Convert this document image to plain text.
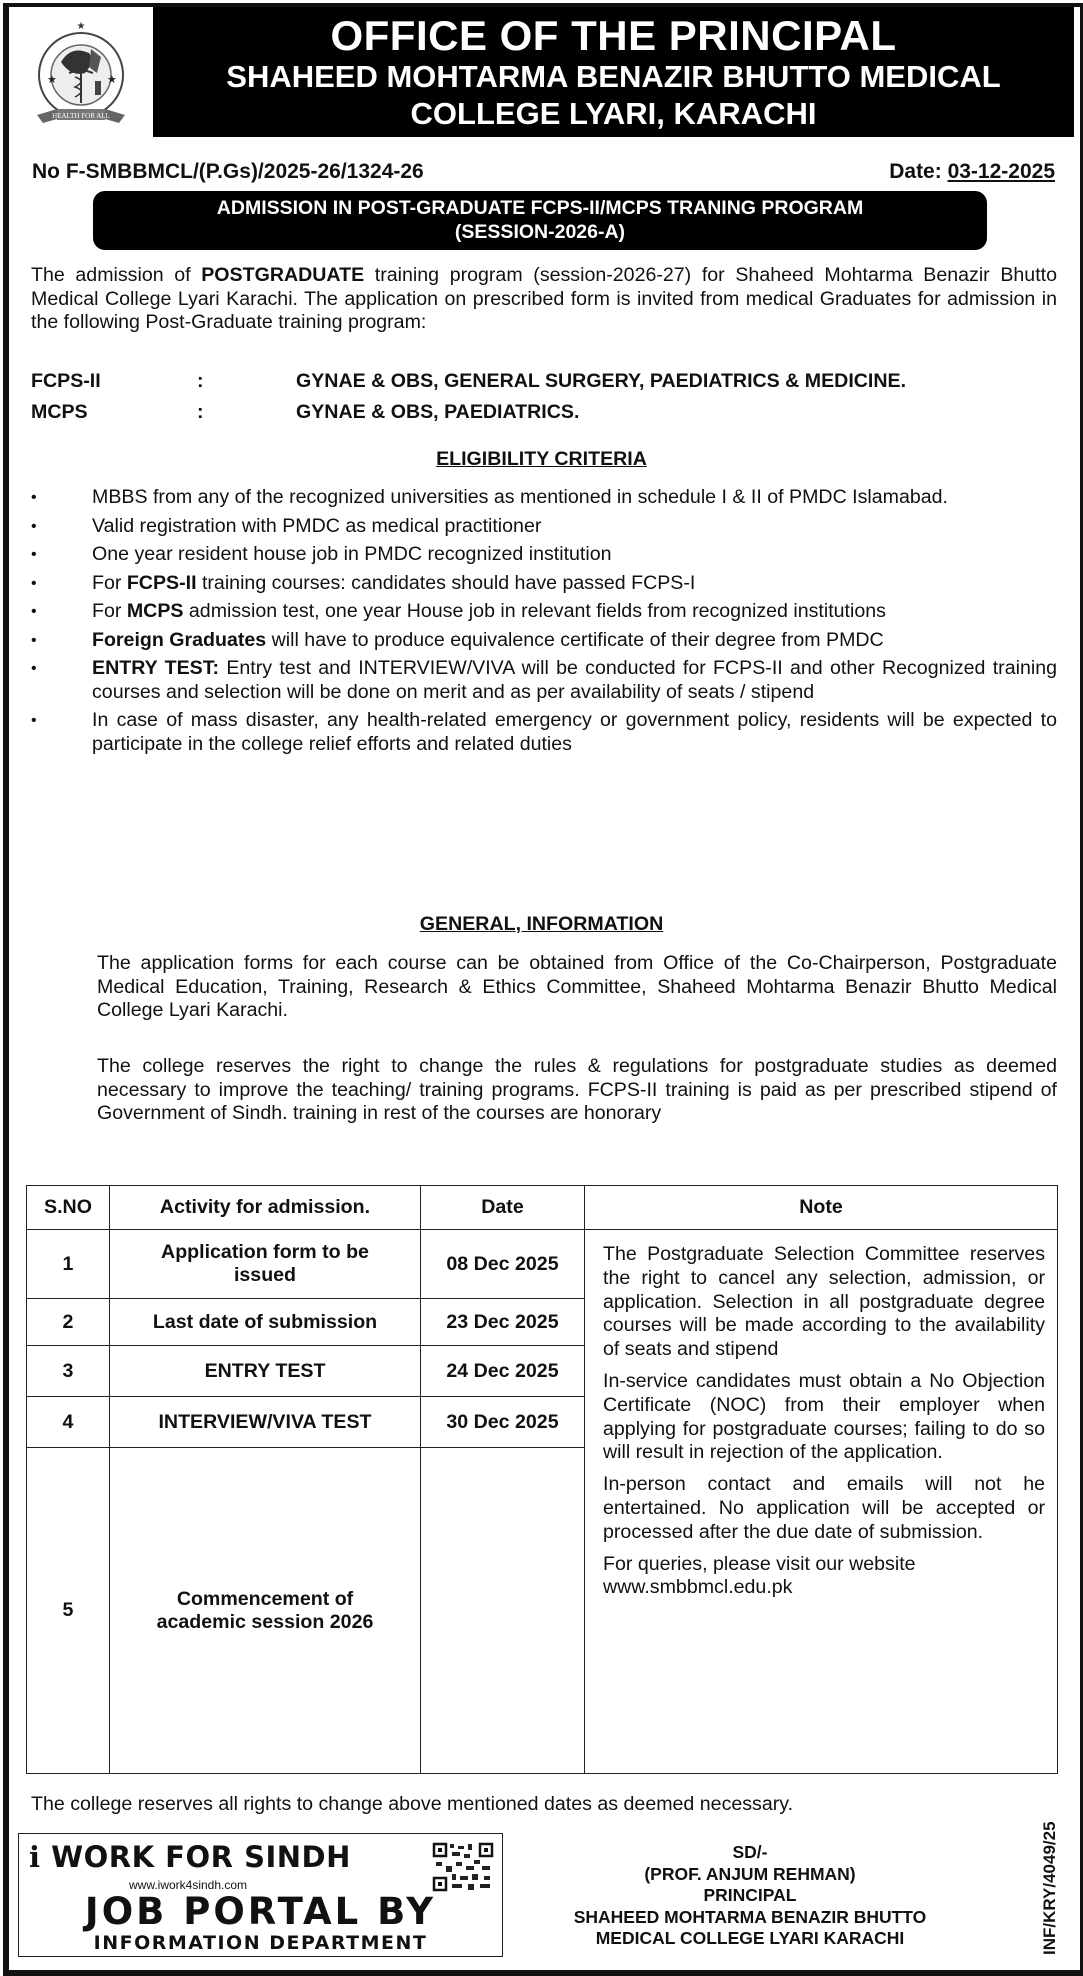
★
★	★
HEALTH FOR ALL
OFFICE OF THE PRINCIPAL
SHAHEED MOHTARMA BENAZIR BHUTTO MEDICAL
COLLEGE LYARI, KARACHI
No F-SMBBMCL/(P.Gs)/2025-26/1324-26	Date: 03-12-2025
ADMISSION IN POST-GRADUATE FCPS-II/MCPS TRANING PROGRAM
(SESSION-2026-A)
The admission of POSTGRADUATE training program (session-2026-27) for Shaheed Mohtarma Benazir Bhutto Medical College Lyari Karachi. The application on prescribed form is invited from medical Graduates for admission in the following Post-Graduate training program:
FCPS-II	:	GYNAE & OBS, GENERAL SURGERY, PAEDIATRICS & MEDICINE.
MCPS	:	GYNAE & OBS, PAEDIATRICS.
ELIGIBILITY CRITERIA
•	MBBS from any of the recognized universities as mentioned in schedule I & II of PMDC Islamabad.
•	Valid registration with PMDC as medical practitioner
•	One year resident house job in PMDC recognized institution
•	For FCPS-II training courses: candidates should have passed FCPS-I
•	For MCPS admission test, one year House job in relevant fields from recognized institutions
•	Foreign Graduates will have to produce equivalence certificate of their degree from PMDC
•	ENTRY TEST: Entry test and INTERVIEW/VIVA will be conducted for FCPS-II and other Recognized training courses and selection will be done on merit and as per availability of seats / stipend
•	In case of mass disaster, any health-related emergency or government policy, residents will be expected to participate in the college relief efforts and related duties
GENERAL, INFORMATION
The application forms for each course can be obtained from Office of the Co-Chairperson, Postgraduate Medical Education, Training, Research & Ethics Committee, Shaheed Mohtarma Benazir Bhutto Medical College Lyari Karachi.
The college reserves the right to change the rules & regulations for postgraduate studies as deemed necessary to improve the teaching/ training programs. FCPS-II training is paid as per prescribed stipend of Government of Sindh. training in rest of the courses are honorary
S.NO	Activity for admission.	Date	Note
1	Application form to be issued	08 Dec 2025	The Postgraduate Selection Committee reserves the right to cancel any selection, admission, or application. Selection in all postgraduate degree courses will be made according to the availability of seats and stipend

In-service candidates must obtain a No Objection Certificate (NOC) from their employer when applying for postgraduate courses; failing to do so will result in rejection of the application.

In-person contact and emails will not he entertained. No application will be accepted or processed after the due date of submission.

For queries, please visit our website www.smbbmcl.edu.pk

2	Last date of submission	23 Dec 2025	
3	ENTRY TEST	24 Dec 2025	
4	INTERVIEW/VIVA TEST	30 Dec 2025	
5	Commencement of academic session 2026		
The college reserves all rights to change above mentioned dates as deemed necessary.
i WORK FOR SINDH
www.iwork4sindh.com
JOB PORTAL BY
INFORMATION DEPARTMENT
SD/-
(PROF. ANJUM REHMAN)
PRINCIPAL
SHAHEED MOHTARMA BENAZIR BHUTTO
MEDICAL COLLEGE LYARI KARACHI	INF/KRY/4049/25
